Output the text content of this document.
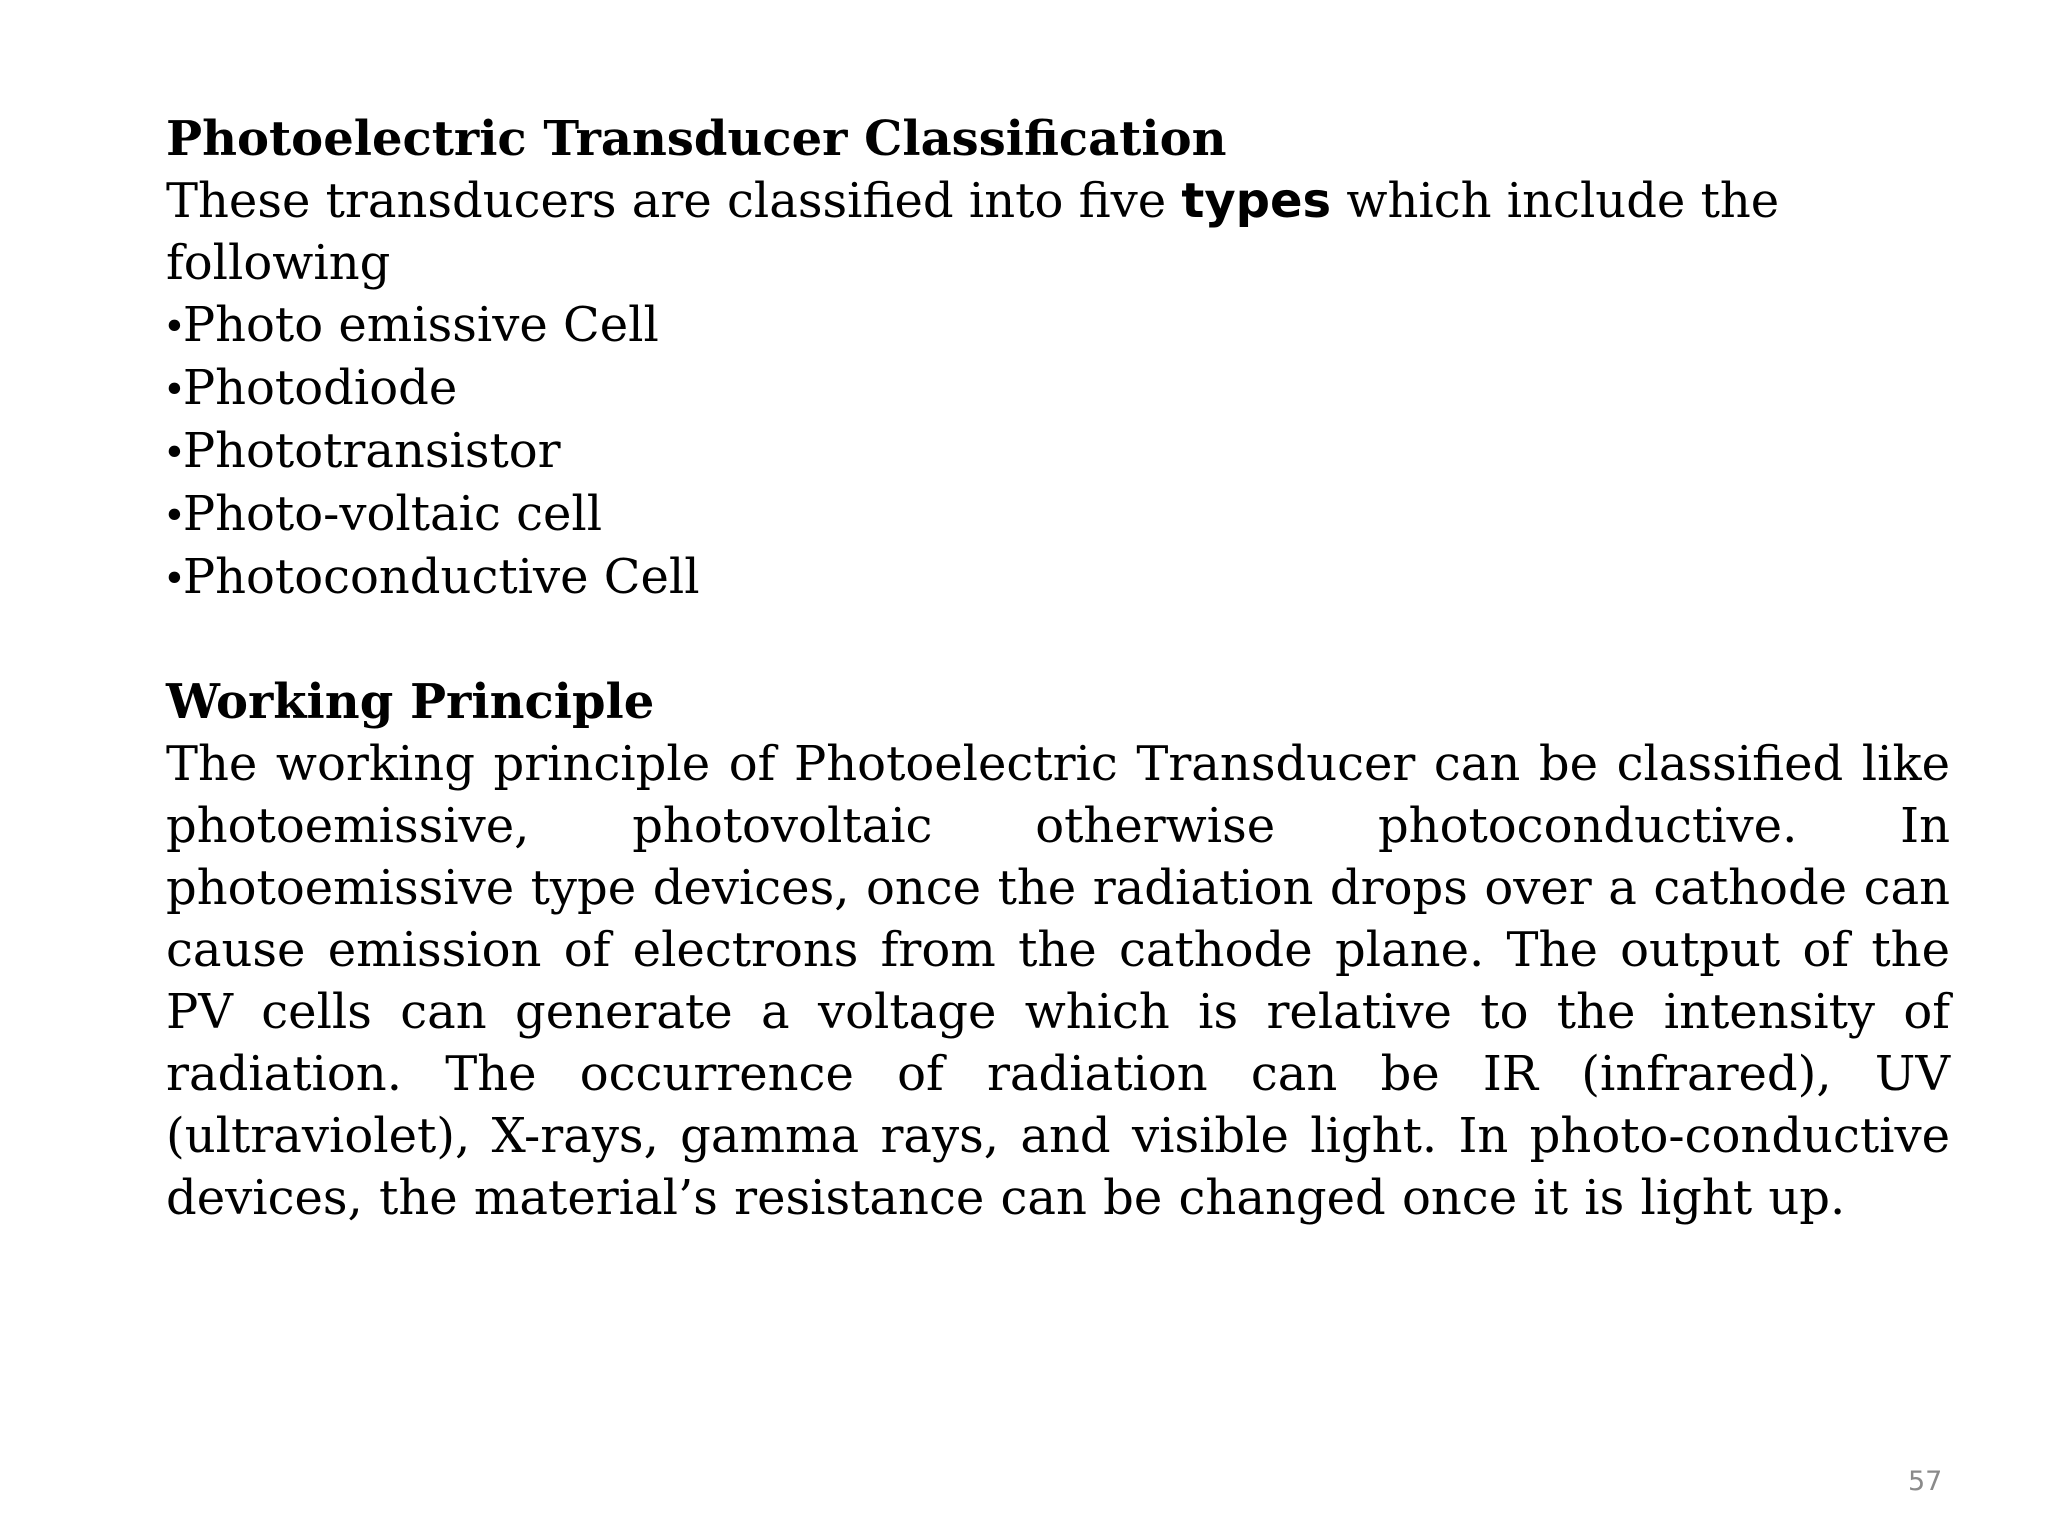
Photoelectric Transducer Classification

These transducers are classified into five types which include the following

•Photo emissive Cell
•Photodiode
•Phototransistor
•Photo-voltaic cell
•Photoconductive Cell

Working Principle

The working principle of Photoelectric Transducer can be classified like photoemissive, photovoltaic otherwise photoconductive. In photoemissive type devices, once the radiation drops over a cathode can cause emission of electrons from the cathode plane. The output of the PV cells can generate a voltage which is relative to the intensity of radiation. The occurrence of radiation can be IR (infrared), UV (ultraviolet), X-rays, gamma rays, and visible light. In photo-conductive devices, the material’s resistance can be changed once it is light up.

57
